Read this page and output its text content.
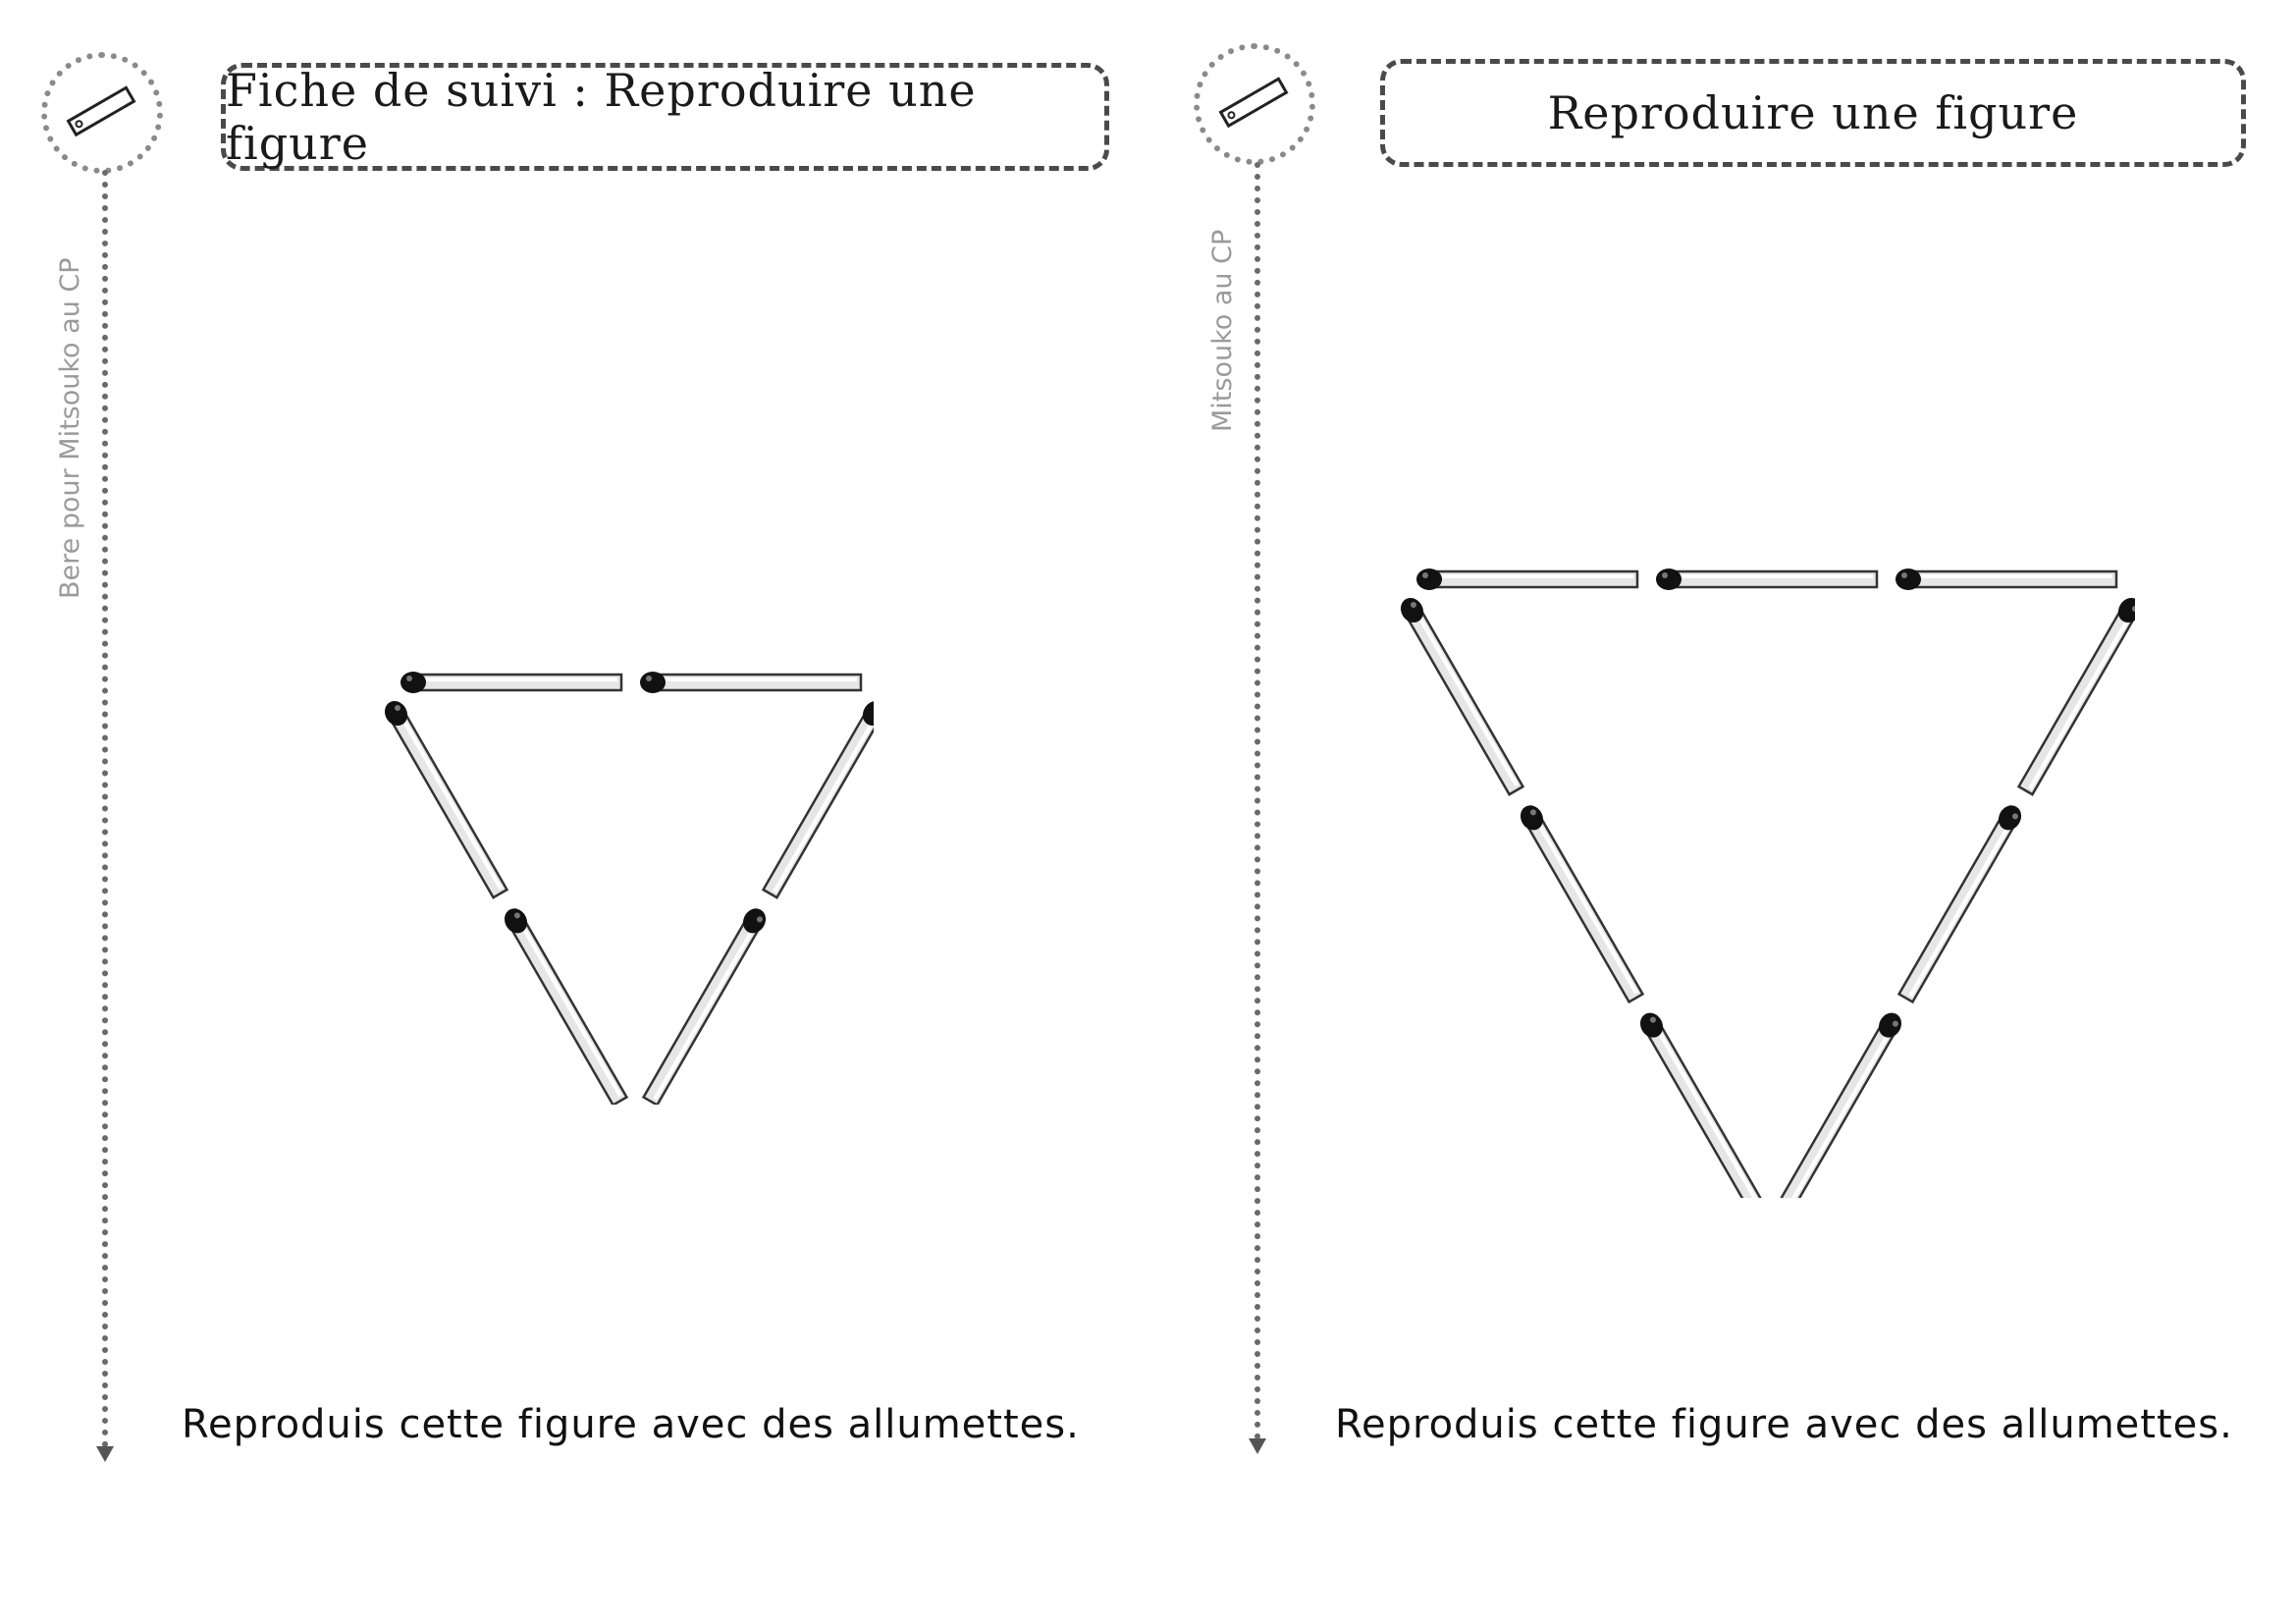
Bere pour Mitsouko au CP
Fiche de suivi : Reproduire une figure
Reproduis cette figure avec des allumettes.
Mitsouko au CP
Reproduire une figure
Reproduis cette figure avec des allumettes.
